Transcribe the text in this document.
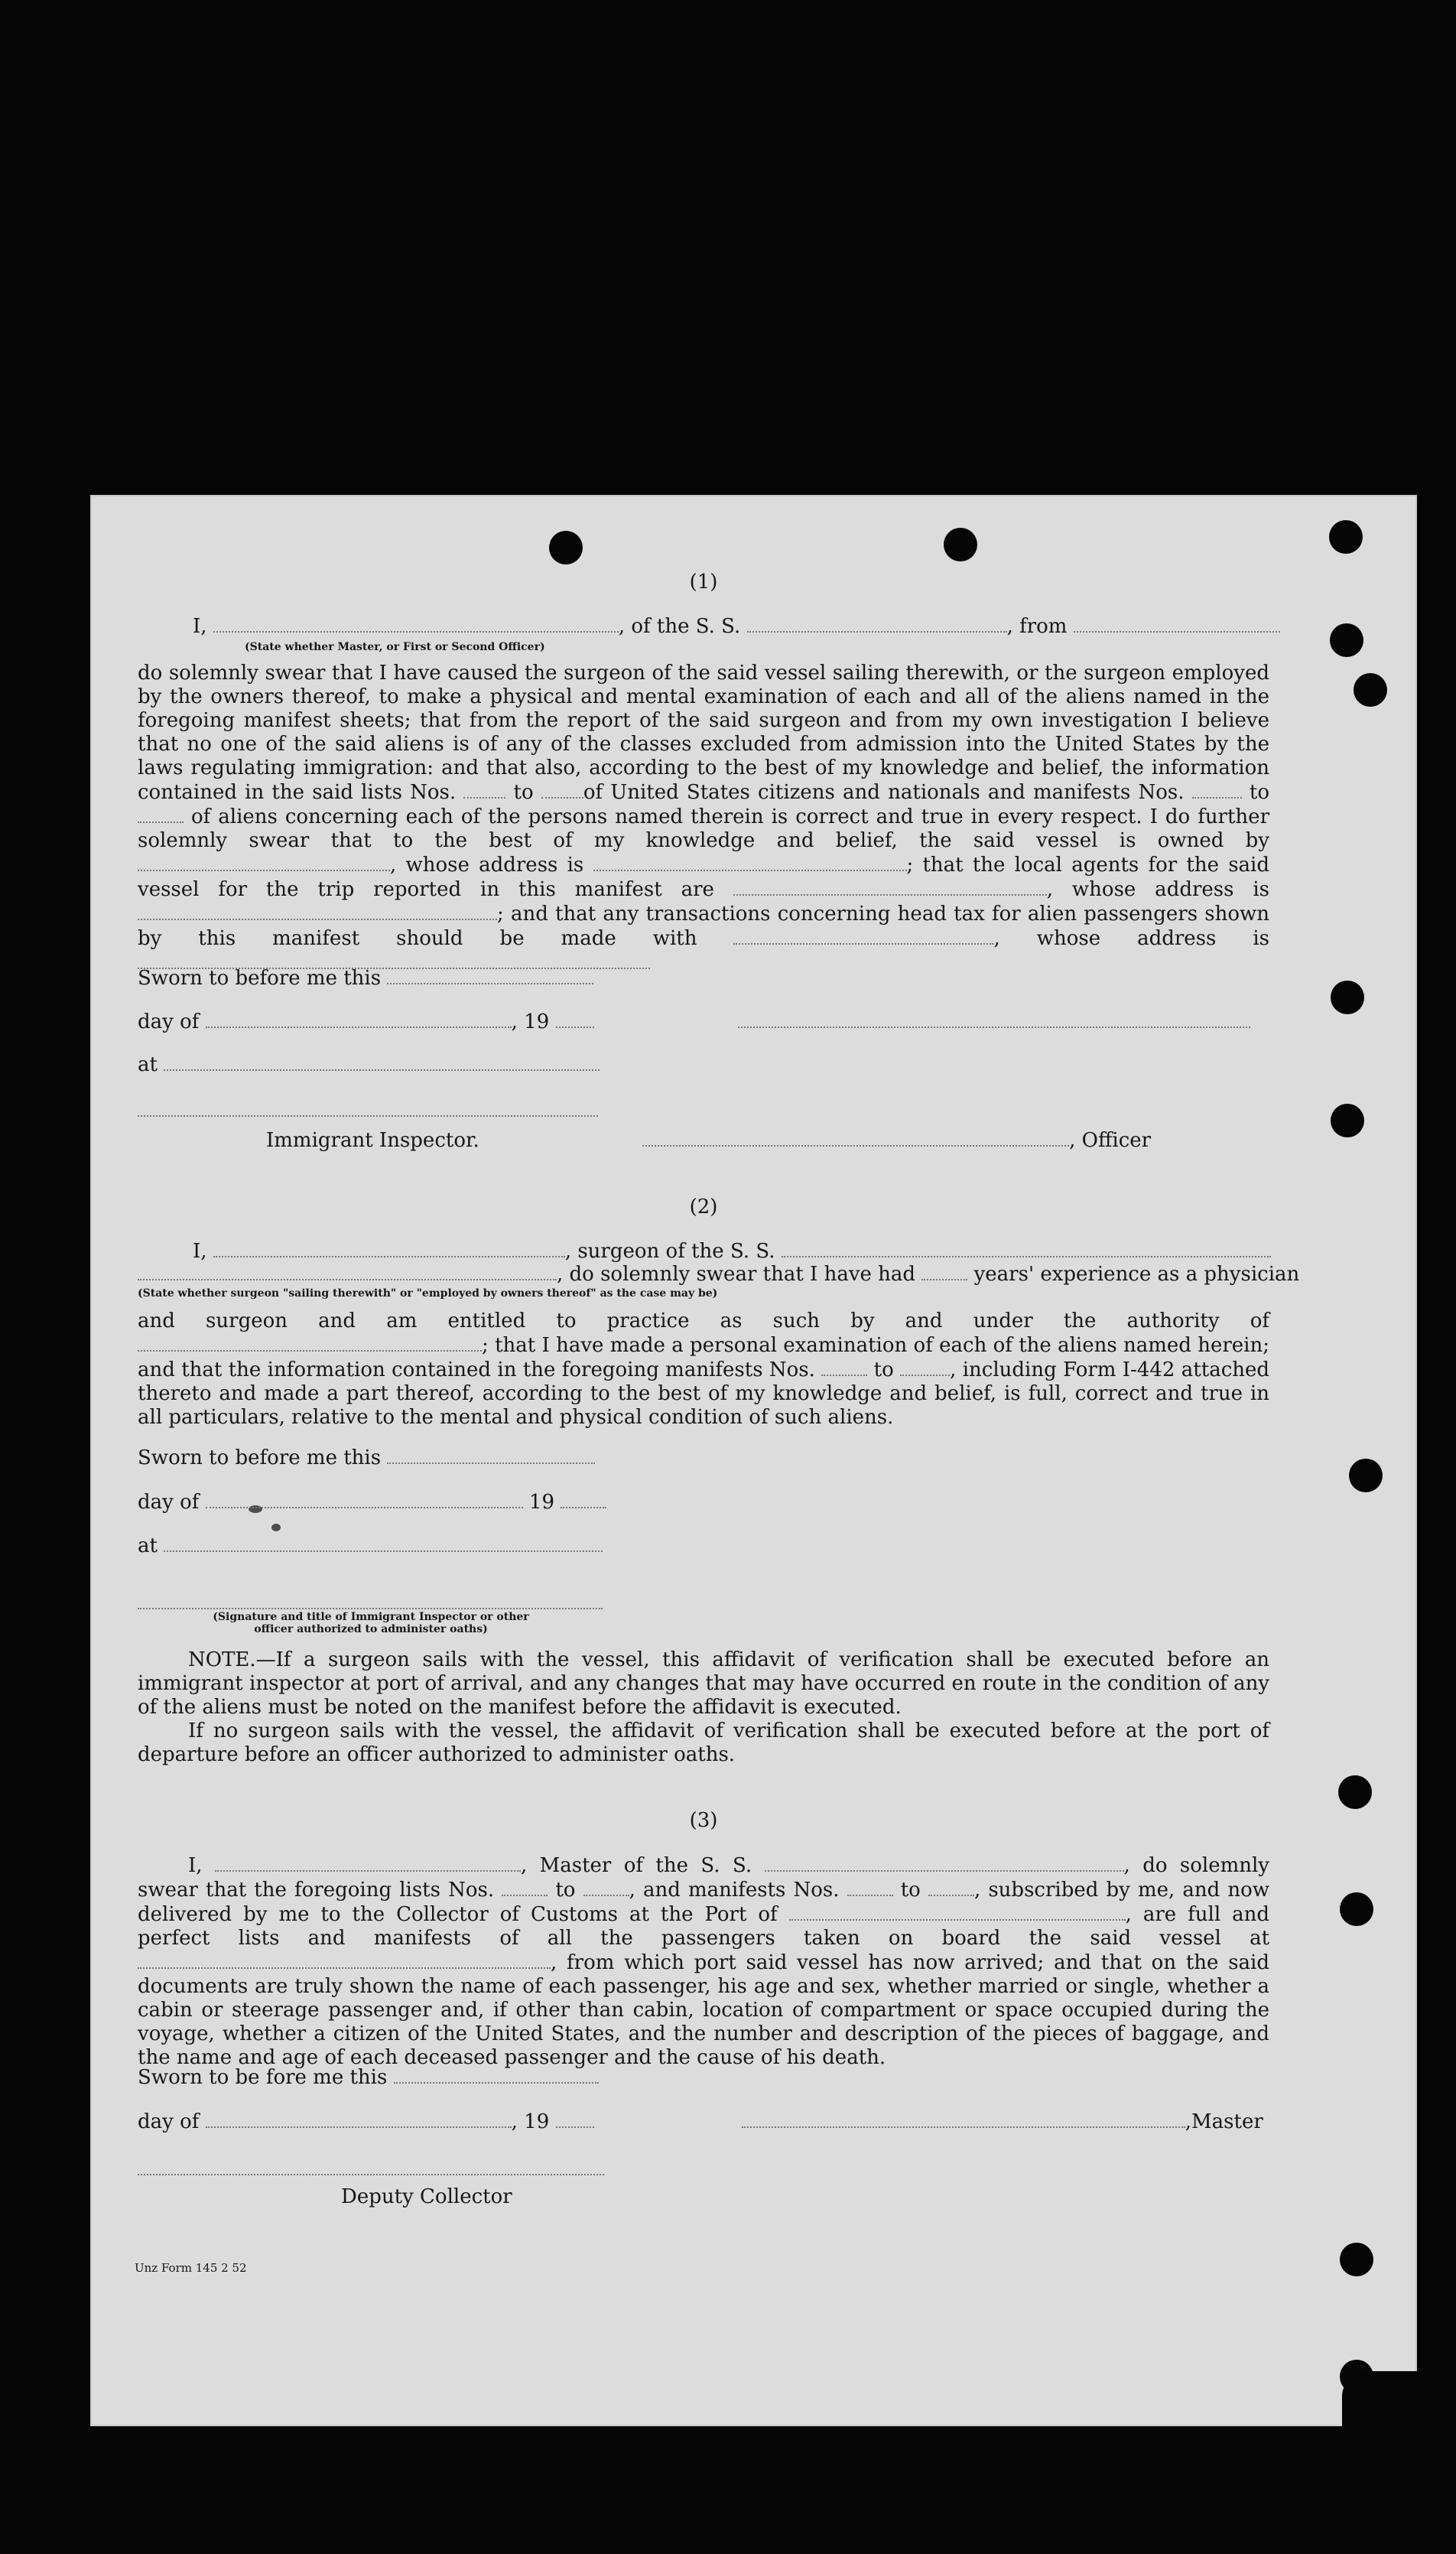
(1)
I,	, of the S. S.	, from
(State whether Master, or First or Second Officer)
do solemnly swear that I have caused the surgeon of the said vessel sailing therewith, or the surgeon employed by the owners thereof, to make a physical and mental examination of each and all of the aliens named in the foregoing manifest sheets; that from the report of the said surgeon and from my own investigation I believe that no one of the said aliens is of any of the classes excluded from admission into the United States by the laws regulating immigration: and that also, according to the best of my knowledge and belief, the information contained in the said lists Nos.	to	of United States citizens and nationals and manifests Nos.	to  of aliens concerning each of the persons named therein is correct and true in every respect. I do further solemnly swear that to the best of my knowledge and belief, the said vessel is owned by , whose address is	; that the local agents for the said vessel for the trip reported in this manifest are	, whose address is ; and that any transactions concerning head tax for alien passengers shown by this manifest should be made with	, whose address is
Sworn to before me this
day of	, 19
at
Immigrant Inspector.	, Officer
(2)
I,	, surgeon of the S. S.
, do solemnly swear that I have had	years' experience as a physician
(State whether surgeon "sailing therewith" or "employed by owners thereof" as the case may be)
and surgeon and am entitled to practice as such by and under the authority of ; that I have made a personal examination of each of the aliens named herein; and that the information contained in the foregoing manifests Nos.	to	, including Form I-442 attached thereto and made a part thereof, according to the best of my knowledge and belief, is full, correct and true in all particulars, relative to the mental and physical condition of such aliens.
Sworn to before me this
day of	19
at
(Signature and title of Immigrant Inspector or other
officer authorized to administer oaths)
NOTE.—If a surgeon sails with the vessel, this affidavit of verification shall be executed before an immigrant inspector at port of arrival, and any changes that may have occurred en route in the condition of any of the aliens must be noted on the manifest before the affidavit is executed.
If no surgeon sails with the vessel, the affidavit of verification shall be executed before at the port of departure before an officer authorized to administer oaths.
(3)
I,	, Master of the S. S.	, do solemnly swear that the foregoing lists Nos.	to	, and manifests Nos.	to	, subscribed by me, and now delivered by me to the Collector of Customs at the Port of	, are full and perfect lists and manifests of all the passengers taken on board the said vessel at , from which port said vessel has now arrived; and that on the said documents are truly shown the name of each passenger, his age and sex, whether married or single, whether a cabin or steerage passenger and, if other than cabin, location of compartment or space occupied during the voyage, whether a citizen of the United States, and the number and description of the pieces of baggage, and the name and age of each deceased passenger and the cause of his death.
Sworn to be fore me this
day of	, 19	,Master
Deputy Collector
Unz Form 145 2 52
